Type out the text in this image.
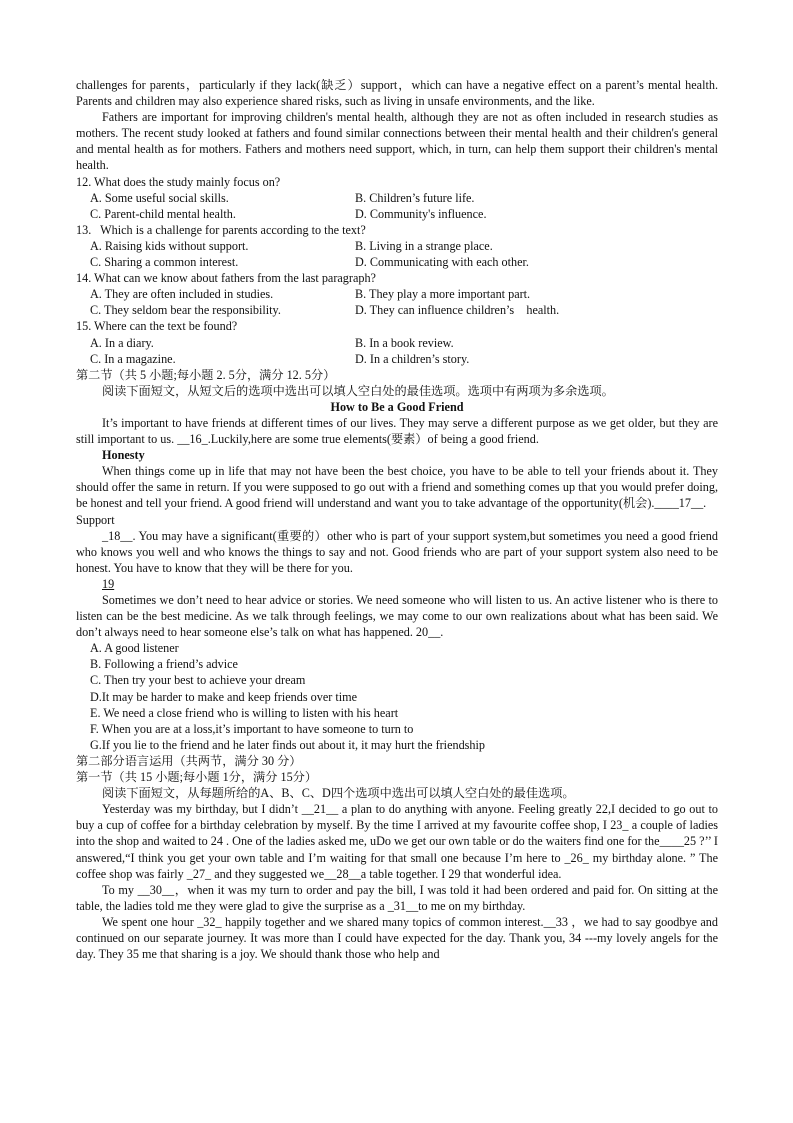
challenges for parents，particularly if they lack(缺乏）support，which can have a negative effect on a parent’s mental health. Parents and children may also experience shared risks, such as living in unsafe environments, and the like.

Fathers are important for improving children's mental health, although they are not as often included in research studies as mothers. The recent study looked at fathers and found similar connections between their mental health and their children's general and mental health as for mothers. Fathers and mothers need support, which, in turn, can help them support their children's mental health.

12. What does the study mainly focus on?

A. Some useful social skills.	B. Children’s future life.
C. Parent-child mental health.	D. Community's influence.

13.   Which is a challenge for parents according to the text?

A. Raising kids without support.	B. Living in a strange place.
C. Sharing a common interest.	D. Communicating with each other.

14. What can we know about fathers from the last paragraph?

A. They are often included in studies.	B. They play a more important part.
C. They seldom bear the responsibility.	D. They can influence children’s    health.

15. Where can the text be found?

A. In a diary.	B. In a book review.
C. In a magazine.	D. In a children’s story.

第二节（共 5 小题;每小题 2. 5分，满分 12. 5分）

阅读下面短文，从短文后的选项中选出可以填人空白处的最佳选项。选项中有两项为多余选项。

How to Be a Good Friend

It’s important to have friends at different times of our lives. They may serve a different purpose as we get older, but they are still important to us. __16_.Luckily,here are some true elements(要素）of being a good friend.

Honesty

When things come up in life that may not have been the best choice, you have to be able to tell your friends about it. They should offer the same in return. If you were supposed to go out with a friend and something comes up that you would prefer doing, be honest and tell your friend. A good friend will understand and want you to take advantage of the opportunity(机会).____17__.

Support

_18__. You may have a significant(重要的）other who is part of your support system,but sometimes you need a good friend who knows you well and who knows the things to say and not. Good friends who are part of your support system also need to be honest. You have to know that they will be there for you.

19

Sometimes we don’t need to hear advice or stories. We need someone who will listen to us. An active listener who is there to listen can be the best medicine. As we talk through feelings, we may come to our own realizations about what has been said. We don’t always need to hear someone else’s talk on what has happened. 20__.

A. A good listener

B. Following a friend’s advice

C. Then try your best to achieve your dream

D.It may be harder to make and keep friends over time

E. We need a close friend who is willing to listen with his heart

F. When you are at a loss,it’s important to have someone to turn to

G.If you lie to the friend and he later finds out about it, it may hurt the friendship

第二部分语言运用（共两节，满分 30 分）

第一节（共 15 小题;每小题 1分，满分 15分）

阅读下面短文，从每题所给的A、B、C、D四个选项中选出可以填人空白处的最佳选项。

Yesterday was my birthday, but I didn’t __21__ a plan to do anything with anyone. Feeling greatly 22,I decided to go out to buy a cup of coffee for a birthday celebration by myself. By the time I arrived at my favourite coffee shop, I 23_ a couple of ladies into the shop and waited to 24 . One of the ladies asked me, uDo we get our own table or do the waiters find one for the____25 ?’’ I answered,“I think you get your own table and I’m waiting for that small one because I’m here to _26_ my birthday alone. ” The coffee shop was fairly _27_ and they suggested we__28__a table together. I 29 that wonderful idea.

To my __30__，when it was my turn to order and pay the bill, I was told it had been ordered and paid for. On sitting at the table, the ladies told me they were glad to give the surprise as a _31__to me on my birthday.

We spent one hour _32_ happily together and we shared many topics of common interest.__33 ，we had to say goodbye and continued on our separate journey. It was more than I could have expected for the day. Thank you, 34 ---my lovely angels for the day. They 35 me that sharing is a joy. We should thank those who help and
